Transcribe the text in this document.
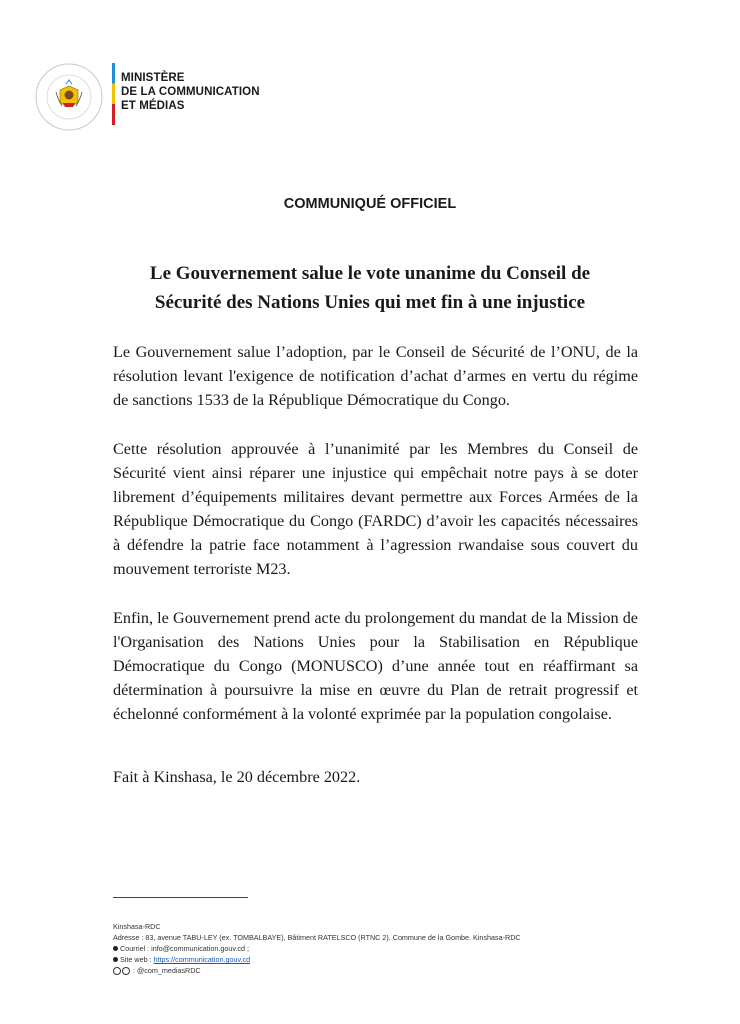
MINISTÈRE
DE LA COMMUNICATION
ET MÉDIAS
COMMUNIQUÉ OFFICIEL
Le Gouvernement salue le vote unanime du Conseil de
Sécurité des Nations Unies qui met fin à une injustice

Le Gouvernement salue l’adoption, par le Conseil de Sécurité de l’ONU, de la résolution levant l'exigence de notification d’achat d’armes en vertu du régime de sanctions 1533 de la République Démocratique du Congo.

Cette résolution approuvée à l’unanimité par les Membres du Conseil de Sécurité vient ainsi réparer une injustice qui empêchait notre pays à se doter librement d’équipements militaires devant permettre aux Forces Armées de la République Démocratique du Congo (FARDC) d’avoir les capacités nécessaires à défendre la patrie face notamment à l’agression rwandaise sous couvert du mouvement terroriste M23.

Enfin, le Gouvernement prend acte du prolongement du mandat de la Mission de l'Organisation des Nations Unies pour la Stabilisation en République Démocratique du Congo (MONUSCO) d’une année tout en réaffirmant sa détermination à poursuivre la mise en œuvre du Plan de retrait progressif et échelonné conformément à la volonté exprimée par la population congolaise.

Fait à Kinshasa, le 20 décembre 2022.
Kinshasa-RDC
Adresse : 83, avenue TABU-LEY (ex. TOMBALBAYE), Bâtiment RATELSCO (RTNC 2). Commune de la Gombe. Kinshasa-RDC
Courriel : info@communication.gouv.cd ;
Site web : https://communication.gouv.cd
: @com_mediasRDC
